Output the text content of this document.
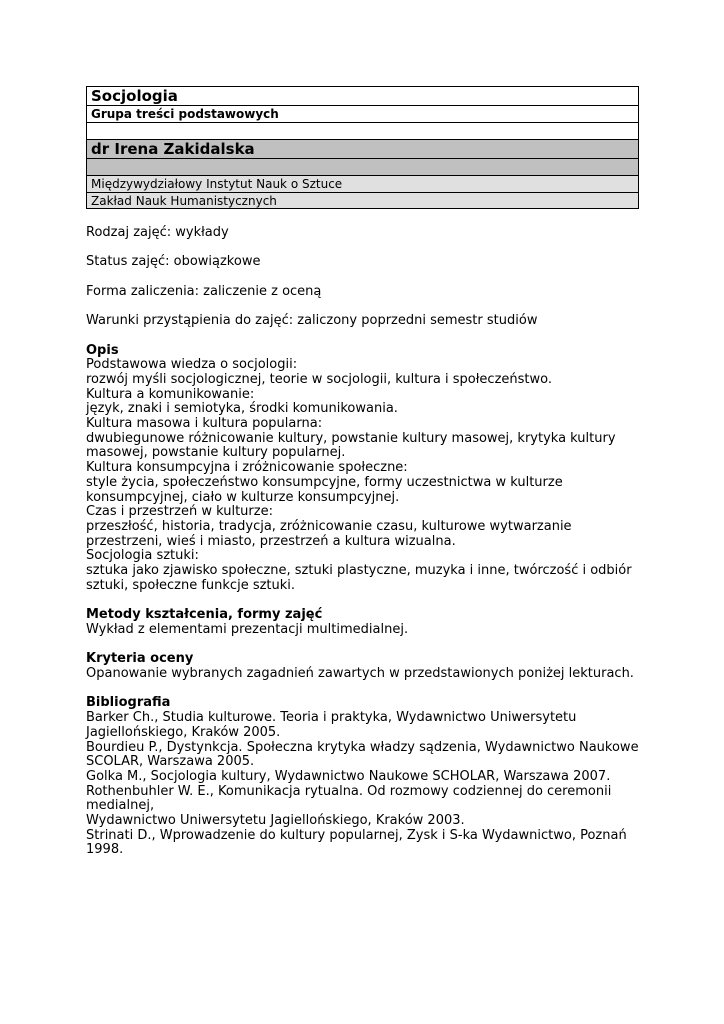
Socjologia
Grupa treści podstawowych
dr Irena Zakidalska
Międzywydziałowy Instytut Nauk o Sztuce
Zakład Nauk Humanistycznych

Rodzaj zajęć: wykłady

Status zajęć: obowiązkowe

Forma zaliczenia: zaliczenie z oceną

Warunki przystąpienia do zajęć: zaliczony poprzedni semestr studiów

Opis

Podstawowa wiedza o socjologii:

rozwój myśli socjologicznej, teorie w socjologii, kultura i społeczeństwo.

Kultura a komunikowanie:

język, znaki i semiotyka, środki komunikowania.

Kultura masowa i kultura popularna:

dwubiegunowe różnicowanie kultury, powstanie kultury masowej, krytyka kultury masowej, powstanie kultury popularnej.

Kultura konsumpcyjna i zróżnicowanie społeczne:

style życia, społeczeństwo konsumpcyjne, formy uczestnictwa w kulturze konsumpcyjnej, ciało w kulturze konsumpcyjnej.

Czas i przestrzeń w kulturze:

przeszłość, historia, tradycja, zróżnicowanie czasu, kulturowe wytwarzanie przestrzeni, wieś i miasto, przestrzeń a kultura wizualna.

Socjologia sztuki:

sztuka jako zjawisko społeczne, sztuki plastyczne, muzyka i inne, twórczość i odbiór sztuki, społeczne funkcje sztuki.

Metody kształcenia, formy zajęć

Wykład z elementami prezentacji multimedialnej.

Kryteria oceny

Opanowanie wybranych zagadnień zawartych w przedstawionych poniżej lekturach.

Bibliografia

Barker Ch., Studia kulturowe. Teoria i praktyka, Wydawnictwo Uniwersytetu Jagiellońskiego, Kraków 2005.

Bourdieu P., Dystynkcja. Społeczna krytyka władzy sądzenia, Wydawnictwo Naukowe SCOLAR, Warszawa 2005.

Golka M., Socjologia kultury, Wydawnictwo Naukowe SCHOLAR, Warszawa 2007.

Rothenbuhler W. E., Komunikacja rytualna. Od rozmowy codziennej do ceremonii medialnej,

Wydawnictwo Uniwersytetu Jagiellońskiego, Kraków 2003.

Strinati D., Wprowadzenie do kultury popularnej, Zysk i S-ka Wydawnictwo, Poznań 1998.
